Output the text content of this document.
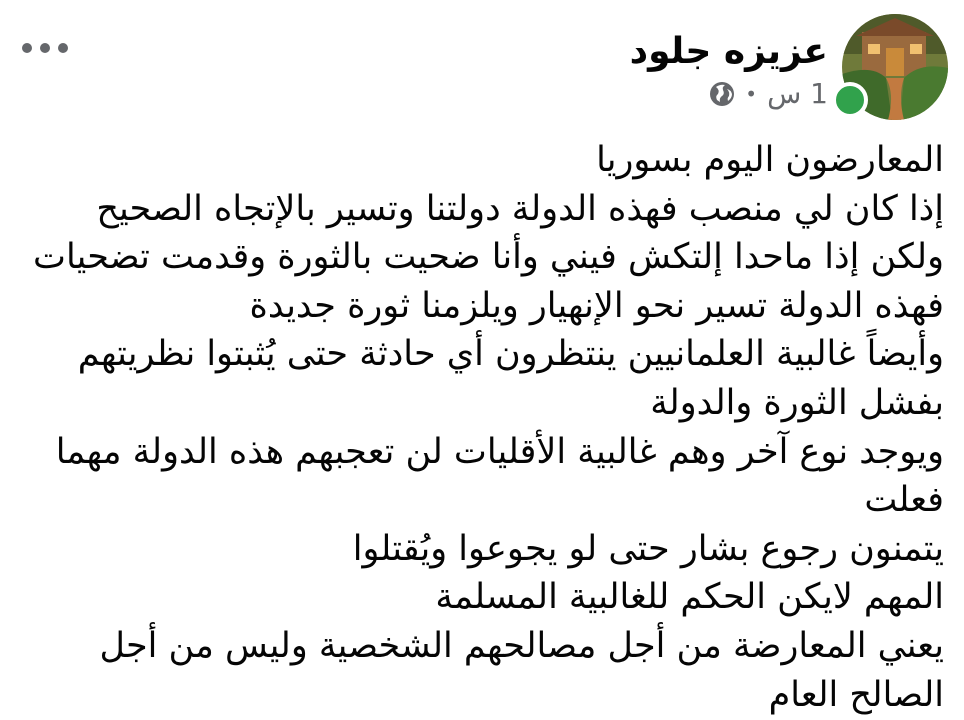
عزيزه جلود
1 س
•

المعارضون اليوم بسوريا

إذا كان لي منصب فهذه الدولة دولتنا وتسير بالإتجاه الصحيح

ولكن إذا ماحدا إلتكش فيني وأنا ضحيت بالثورة وقدمت تضحيات

فهذه الدولة تسير نحو الإنهيار ويلزمنا ثورة جديدة

وأيضاً غالبية العلمانيين ينتظرون أي حادثة حتى يُثبتوا نظريتهم

بفشل الثورة والدولة

ويوجد نوع آخر وهم غالبية الأقليات لن تعجبهم هذه الدولة مهما فعلت

يتمنون رجوع بشار حتى لو يجوعوا ويُقتلوا

المهم لايكن الحكم للغالبية المسلمة

يعني المعارضة من أجل مصالحهم الشخصية وليس من أجل الصالح العام
